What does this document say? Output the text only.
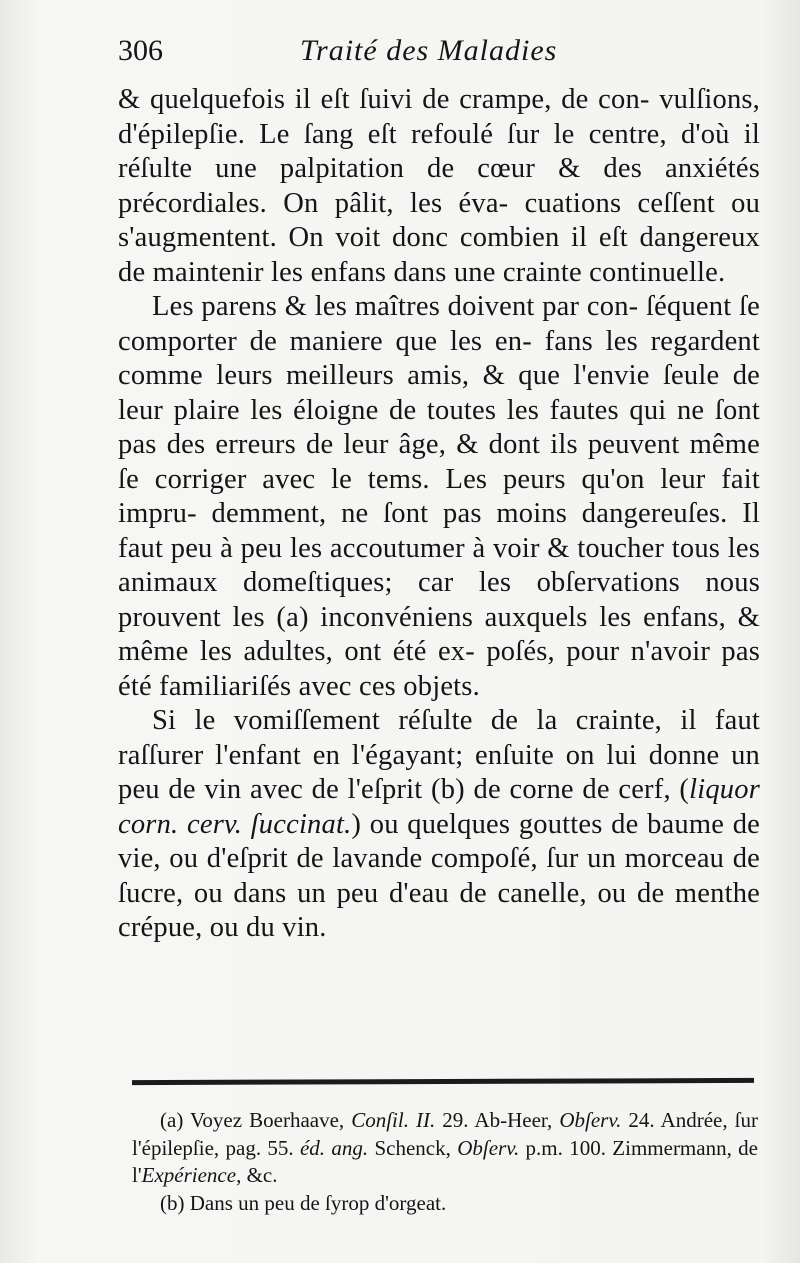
306	Traité des Maladies

& quelquefois il eſt ſuivi de crampe, de con- vulſions, d'épilepſie. Le ſang eſt refoulé ſur le centre, d'où il réſulte une palpitation de cœur & des anxiétés précordiales. On pâlit, les éva- cuations ceſſent ou s'augmentent. On voit donc combien il eſt dangereux de maintenir les enfans dans une crainte continuelle.

Les parens & les maîtres doivent par con- ſéquent ſe comporter de maniere que les en- fans les regardent comme leurs meilleurs amis, & que l'envie ſeule de leur plaire les éloigne de toutes les fautes qui ne ſont pas des erreurs de leur âge, & dont ils peuvent même ſe corriger avec le tems. Les peurs qu'on leur fait impru- demment, ne ſont pas moins dangereuſes. Il faut peu à peu les accoutumer à voir & toucher tous les animaux domeſtiques; car les obſervations nous prouvent les (a) inconvéniens auxquels les enfans, & même les adultes, ont été ex- poſés, pour n'avoir pas été familiariſés avec ces objets.

Si le vomiſſement réſulte de la crainte, il faut raſſurer l'enfant en l'égayant; enſuite on lui donne un peu de vin avec de l'eſprit (b) de corne de cerf, (liquor corn. cerv. ſuccinat.) ou quelques gouttes de baume de vie, ou d'eſprit de lavande compoſé, ſur un morceau de ſucre, ou dans un peu d'eau de canelle, ou de menthe crépue, ou du vin.

(a) Voyez Boerhaave, Conſil. II. 29. Ab-Heer, Obſerv. 24. Andrée, ſur l'épilepſie, pag. 55. éd. ang. Schenck, Obſerv. p.m. 100. Zimmermann, de l'Expérience, &c.

(b) Dans un peu de ſyrop d'orgeat.
